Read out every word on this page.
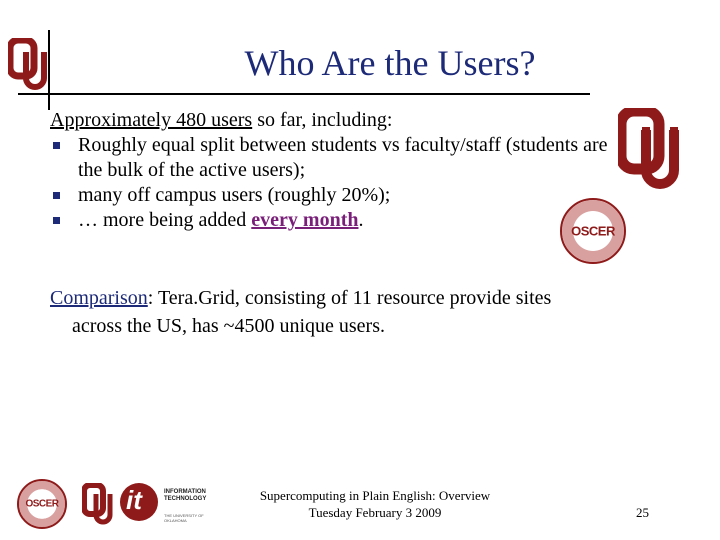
Who Are the Users?

Approximately 480 users so far, including:

Roughly equal split between students vs faculty/staff (students are the bulk of the active users);
many off campus users (roughly 20%);
… more being added every month.	OSCER
Comparison: Tera.Grid, consisting of 11 resource provide sites
across the US, has ~4500 unique users.
OSCER	it	INFORMATION TECHNOLOGY
THE UNIVERSITY OF OKLAHOMA
Supercomputing in Plain English: Overview
Tuesday February 3 2009	25
